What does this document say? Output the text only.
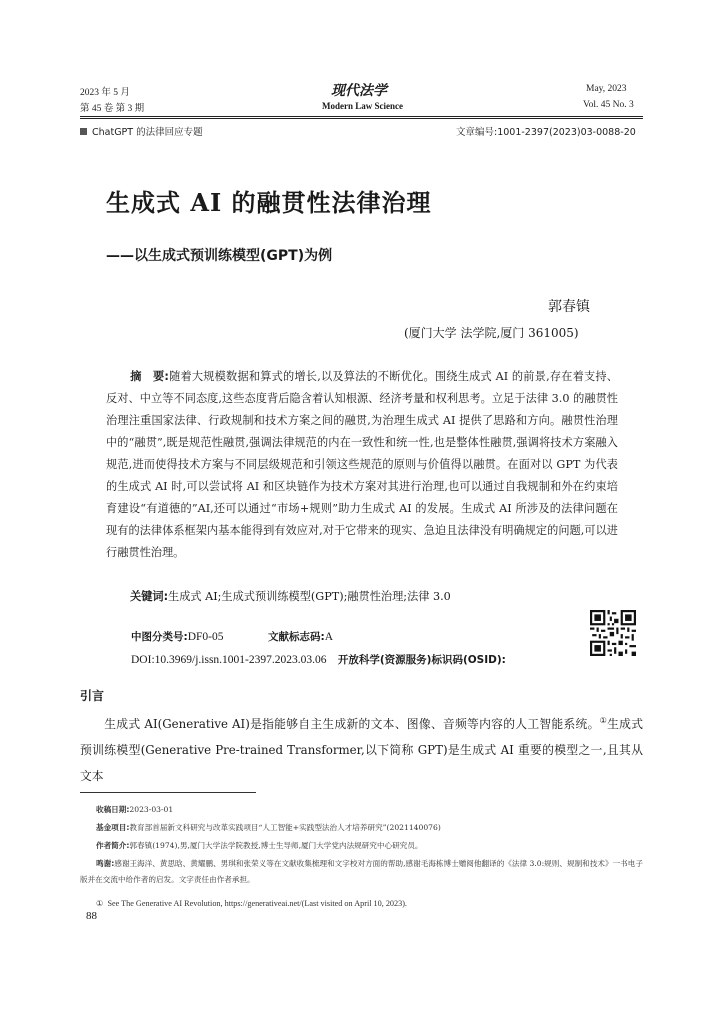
2023 年 5 月
第 45 卷 第 3 期
现代法学
Modern Law Science
May, 2023
Vol. 45 No. 3
ChatGPT 的法律回应专题	文章编号:1001-2397(2023)03-0088-20
生成式 AI 的融贯性法律治理
——以生成式预训练模型(GPT)为例
郭春镇
(厦门大学 法学院,厦门 361005)
摘　要:随着大规模数据和算式的增长,以及算法的不断优化。围绕生成式 AI 的前景,存在着支持、反对、中立等不同态度,这些态度背后隐含着认知根源、经济考量和权利思考。立足于法律 3.0 的融贯性治理注重国家法律、行政规制和技术方案之间的融贯,为治理生成式 AI 提供了思路和方向。融贯性治理中的“融贯”,既是规范性融贯,强调法律规范的内在一致性和统一性,也是整体性融贯,强调将技术方案融入规范,进而使得技术方案与不同层级规范和引领这些规范的原则与价值得以融贯。在面对以 GPT 为代表的生成式 AI 时,可以尝试将 AI 和区块链作为技术方案对其进行治理,也可以通过自我规制和外在约束培育建设“有道德的”AI,还可以通过“市场+规则”助力生成式 AI 的发展。生成式 AI 所涉及的法律问题在现有的法律体系框架内基本能得到有效应对,对于它带来的现实、急迫且法律没有明确规定的问题,可以进行融贯性治理。
关键词:生成式 AI;生成式预训练模型(GPT);融贯性治理;法律 3.0
中图分类号:DF0-05	文献标志码:A
DOI:10.3969/j.issn.1001-2397.2023.03.06 开放科学(资源服务)标识码(OSID):
引言
生成式 AI(Generative AI)是指能够自主生成新的文本、图像、音频等内容的人工智能系统。①生成式预训练模型(Generative Pre-trained Transformer,以下简称 GPT)是生成式 AI 重要的模型之一,且其从文本
收稿日期:2023-03-01
基金项目:教育部首届新文科研究与改革实践项目“人工智能+实践型法治人才培养研究”(2021140076)
作者简介:郭春镇(1974),男,厦门大学法学院教授,博士生导师,厦门大学党内法规研究中心研究员。
鸣谢:感谢王海洋、黄思晗、黄耀鹏、男琪和张荣义等在文献收集梳理和文字校对方面的帮助,感谢毛海栋博士赠阅他翻译的《法律 3.0:规则、规制和技术》一书电子版并在交流中给作者的启发。文字责任由作者承担。
① See The Generative AI Revolution, https://generativeai.net/(Last visited on April 10, 2023).
88
